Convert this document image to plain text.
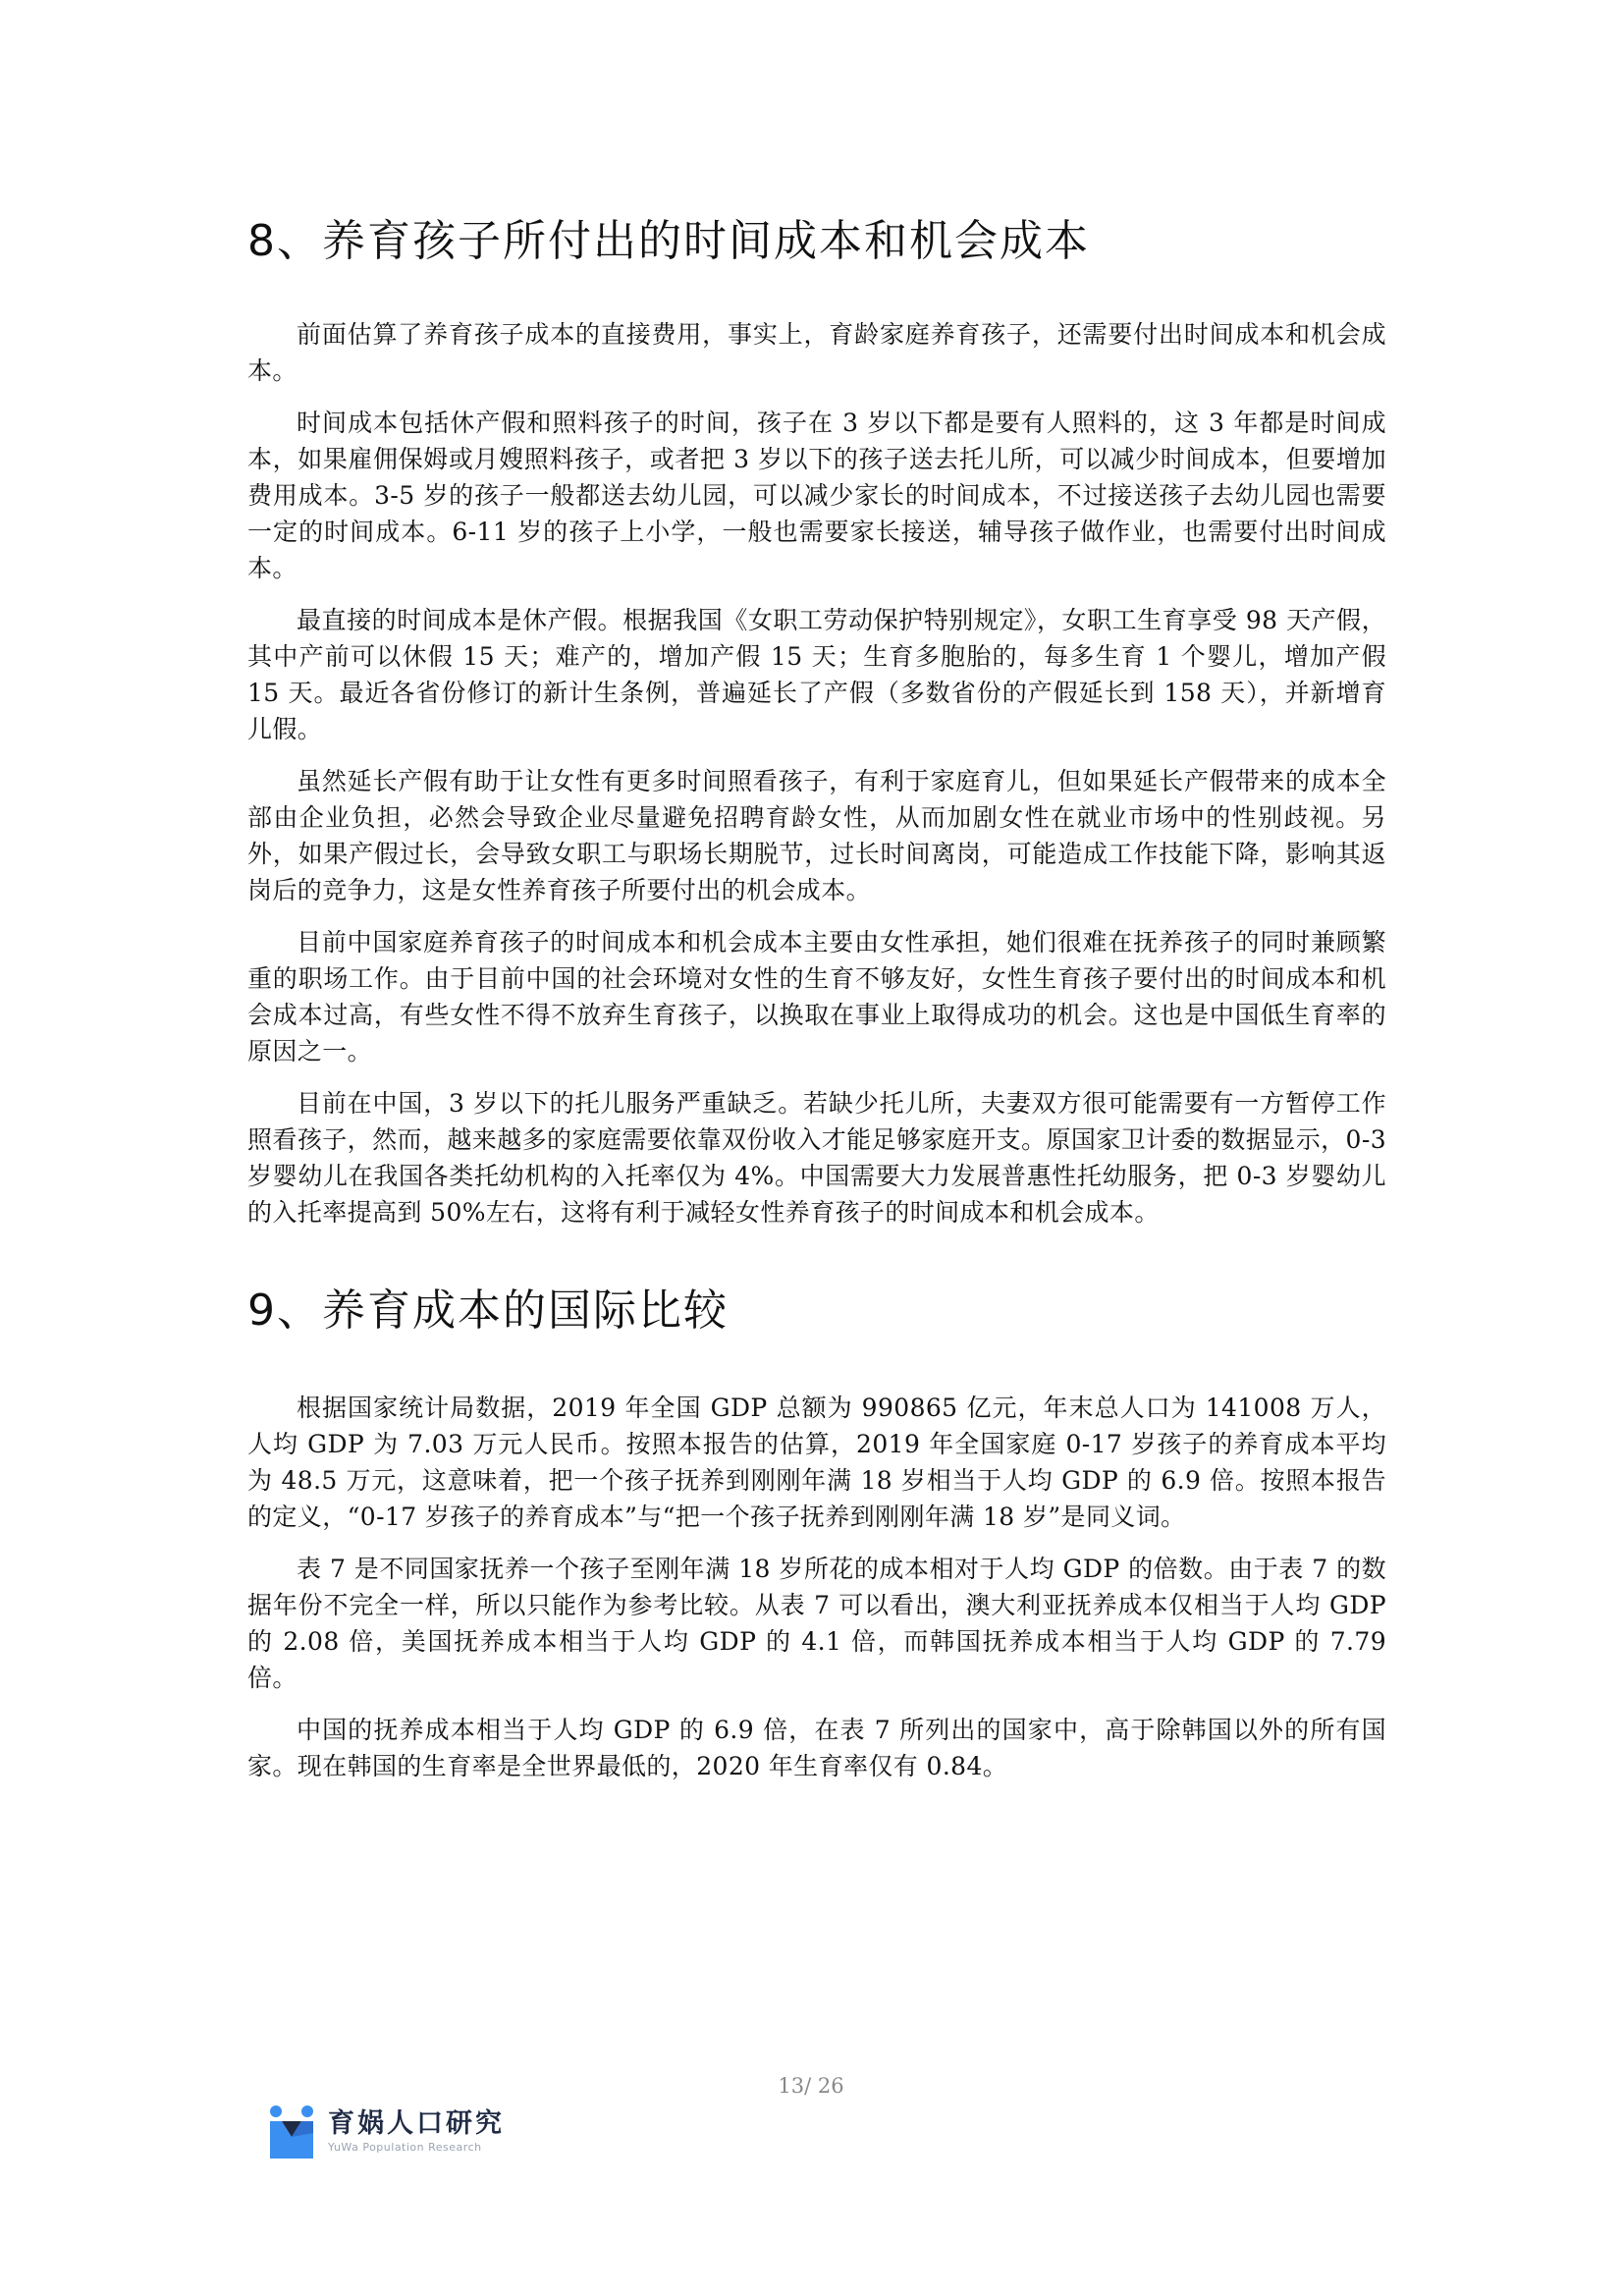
8、养育孩子所付出的时间成本和机会成本

前面估算了养育孩子成本的直接费用，事实上，育龄家庭养育孩子，还需要付出时间成本和机会成本。

时间成本包括休产假和照料孩子的时间，孩子在 3 岁以下都是要有人照料的，这 3 年都是时间成本，如果雇佣保姆或月嫂照料孩子，或者把 3 岁以下的孩子送去托儿所，可以减少时间成本，但要增加费用成本。3-5 岁的孩子一般都送去幼儿园，可以减少家长的时间成本，不过接送孩子去幼儿园也需要一定的时间成本。6-11 岁的孩子上小学，一般也需要家长接送，辅导孩子做作业，也需要付出时间成本。

最直接的时间成本是休产假。根据我国《女职工劳动保护特别规定》，女职工生育享受 98 天产假，其中产前可以休假 15 天；难产的，增加产假 15 天；生育多胞胎的，每多生育 1 个婴儿，增加产假 15 天。最近各省份修订的新计生条例，普遍延长了产假（多数省份的产假延长到 158 天），并新增育儿假。

虽然延长产假有助于让女性有更多时间照看孩子，有利于家庭育儿，但如果延长产假带来的成本全部由企业负担，必然会导致企业尽量避免招聘育龄女性，从而加剧女性在就业市场中的性别歧视。另外，如果产假过长，会导致女职工与职场长期脱节，过长时间离岗，可能造成工作技能下降，影响其返岗后的竞争力，这是女性养育孩子所要付出的机会成本。

目前中国家庭养育孩子的时间成本和机会成本主要由女性承担，她们很难在抚养孩子的同时兼顾繁重的职场工作。由于目前中国的社会环境对女性的生育不够友好，女性生育孩子要付出的时间成本和机会成本过高，有些女性不得不放弃生育孩子，以换取在事业上取得成功的机会。这也是中国低生育率的原因之一。

目前在中国，3 岁以下的托儿服务严重缺乏。若缺少托儿所，夫妻双方很可能需要有一方暂停工作照看孩子，然而，越来越多的家庭需要依靠双份收入才能足够家庭开支。原国家卫计委的数据显示，0-3 岁婴幼儿在我国各类托幼机构的入托率仅为 4%。中国需要大力发展普惠性托幼服务，把 0-3 岁婴幼儿的入托率提高到 50%左右，这将有利于减轻女性养育孩子的时间成本和机会成本。

9、养育成本的国际比较

根据国家统计局数据，2019 年全国 GDP 总额为 990865 亿元，年末总人口为 141008 万人，人均 GDP 为 7.03 万元人民币。按照本报告的估算，2019 年全国家庭 0-17 岁孩子的养育成本平均为 48.5 万元，这意味着，把一个孩子抚养到刚刚年满 18 岁相当于人均 GDP 的 6.9 倍。按照本报告的定义，“0-17 岁孩子的养育成本”与“把一个孩子抚养到刚刚年满 18 岁”是同义词。

表 7 是不同国家抚养一个孩子至刚年满 18 岁所花的成本相对于人均 GDP 的倍数。由于表 7 的数据年份不完全一样，所以只能作为参考比较。从表 7 可以看出，澳大利亚抚养成本仅相当于人均 GDP 的 2.08 倍，美国抚养成本相当于人均 GDP 的 4.1 倍，而韩国抚养成本相当于人均 GDP 的 7.79 倍。

中国的抚养成本相当于人均 GDP 的 6.9 倍，在表 7 所列出的国家中，高于除韩国以外的所有国家。现在韩国的生育率是全世界最低的，2020 年生育率仅有 0.84。

13/ 26
育娲人口研究
YuWa Population Research
